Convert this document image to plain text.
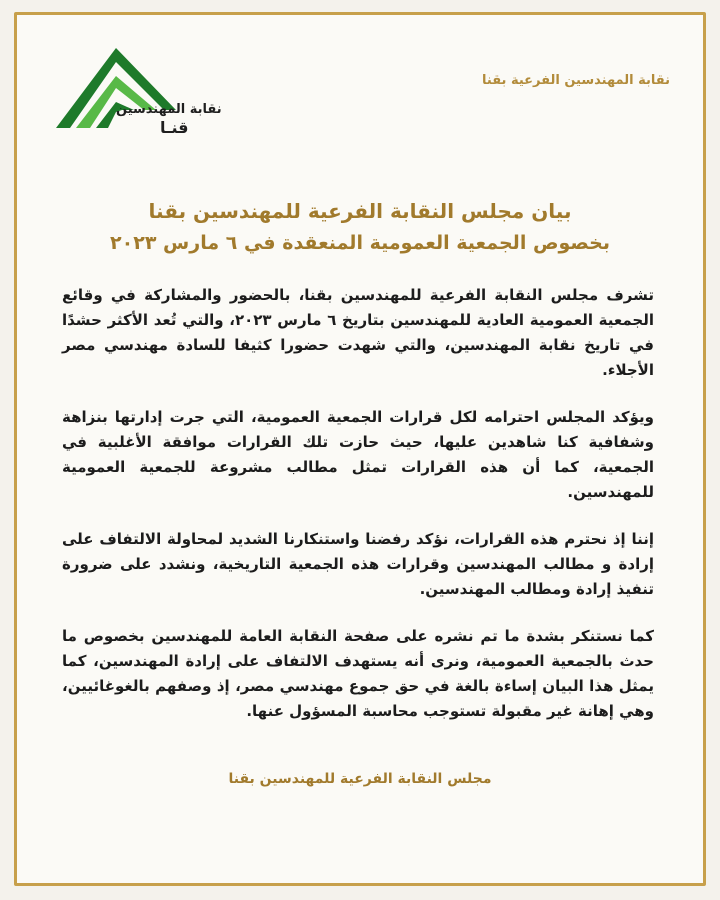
نقابة المهندسين
قنـا
نقابة المهندسين الفرعية بقنا
بيان مجلس النقابة الفرعية للمهندسين بقنا
بخصوص الجمعية العمومية المنعقدة في ٦ مارس ٢٠٢٣

تشرف مجلس النقابة الفرعية للمهندسين بقنا، بالحضور والمشاركة في وقائع الجمعية العمومية العادية للمهندسين بتاريخ ٦ مارس ٢٠٢٣، والتي تُعد الأكثر حشدًا في تاريخ نقابة المهندسين، والتي شهدت حضورا كثيفا للسادة مهندسي مصر الأجلاء.

ويؤكد المجلس احترامه لكل قرارات الجمعية العمومية، التي جرت إدارتها بنزاهة وشفافية كنا شاهدين عليها، حيث حازت تلك القرارات موافقة الأغلبية في الجمعية، كما أن هذه القرارات تمثل مطالب مشروعة للجمعية العمومية للمهندسين.

إننا إذ نحترم هذه القرارات، نؤكد رفضنا واستنكارنا الشديد لمحاولة الالتفاف على إرادة و مطالب المهندسين وقرارات هذه الجمعية التاريخية، ونشدد على ضرورة تنفيذ إرادة ومطالب المهندسين.

كما نستنكر بشدة ما تم نشره على صفحة النقابة العامة للمهندسين بخصوص ما حدث بالجمعية العمومية، ونرى أنه يستهدف الالتفاف على إرادة المهندسين، كما يمثل هذا البيان إساءة بالغة في حق جموع مهندسي مصر، إذ وصفهم بالغوغائيين، وهي إهانة غير مقبولة تستوجب محاسبة المسؤول عنها.

مجلس النقابة الفرعية للمهندسين بقنا
